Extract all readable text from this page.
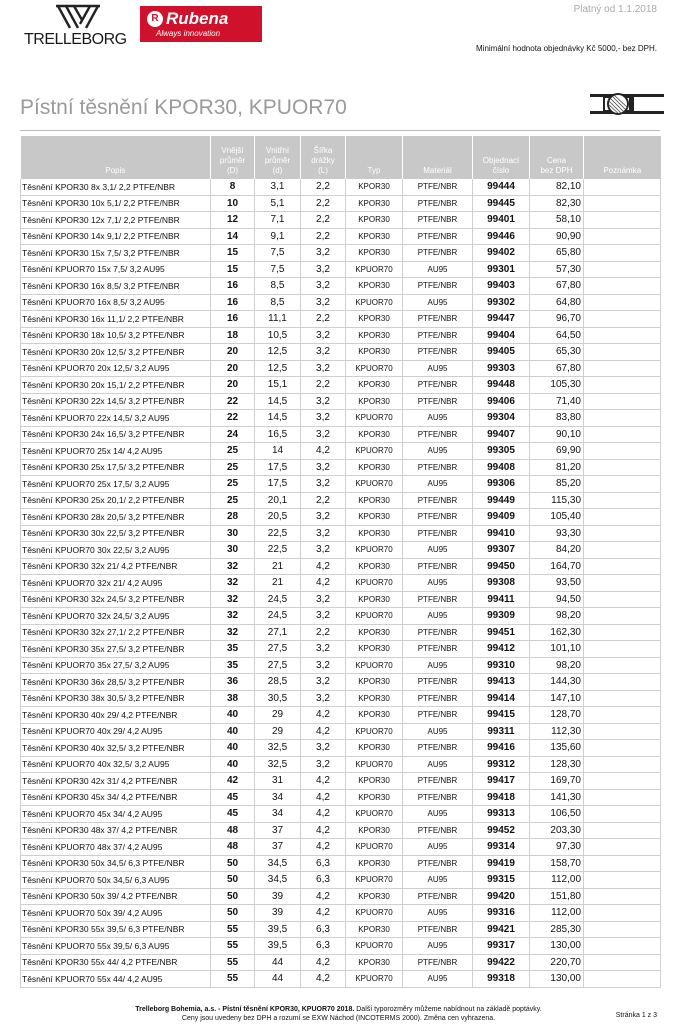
Platný od 1.1.2018
TRELLEBORG
R Rubena
Always innovation
Minimální hodnota objednávky Kč 5000,- bez DPH.
Pístní těsnění KPOR30, KPUOR70
Popis	Vnější
průměr
(D)	Vnitřní
průměr
(d)	Šířka
drážky
(L)	Typ	Materiál	Objednací
číslo	Cena
bez DPH	Poznámka
Těsnění KPOR30 8x 3,1/ 2,2 PTFE/NBR	8	3,1	2,2	KPOR30	PTFE/NBR	99444	82,10	
Těsnění KPOR30 10x 5,1/ 2,2 PTFE/NBR	10	5,1	2,2	KPOR30	PTFE/NBR	99445	82,30	
Těsnění KPOR30 12x 7,1/ 2,2 PTFE/NBR	12	7,1	2,2	KPOR30	PTFE/NBR	99401	58,10	
Těsnění KPOR30 14x 9,1/ 2,2 PTFE/NBR	14	9,1	2,2	KPOR30	PTFE/NBR	99446	90,90	
Těsnění KPOR30 15x 7,5/ 3,2 PTFE/NBR	15	7,5	3,2	KPOR30	PTFE/NBR	99402	65,80	
Těsnění KPUOR70 15x 7,5/ 3,2 AU95	15	7,5	3,2	KPUOR70	AU95	99301	57,30	
Těsnění KPOR30 16x 8,5/ 3,2 PTFE/NBR	16	8,5	3,2	KPOR30	PTFE/NBR	99403	67,80	
Těsnění KPUOR70 16x 8,5/ 3,2 AU95	16	8,5	3,2	KPUOR70	AU95	99302	64,80	
Těsnění KPOR30 16x 11,1/ 2,2 PTFE/NBR	16	11,1	2,2	KPOR30	PTFE/NBR	99447	96,70	
Těsnění KPOR30 18x 10,5/ 3,2 PTFE/NBR	18	10,5	3,2	KPOR30	PTFE/NBR	99404	64,50	
Těsnění KPOR30 20x 12,5/ 3,2 PTFE/NBR	20	12,5	3,2	KPOR30	PTFE/NBR	99405	65,30	
Těsnění KPUOR70 20x 12,5/ 3,2 AU95	20	12,5	3,2	KPUOR70	AU95	99303	67,80	
Těsnění KPOR30 20x 15,1/ 2,2 PTFE/NBR	20	15,1	2,2	KPOR30	PTFE/NBR	99448	105,30	
Těsnění KPOR30 22x 14,5/ 3,2 PTFE/NBR	22	14,5	3,2	KPOR30	PTFE/NBR	99406	71,40	
Těsnění KPUOR70 22x 14,5/ 3,2 AU95	22	14,5	3,2	KPUOR70	AU95	99304	83,80	
Těsnění KPOR30 24x 16,5/ 3,2 PTFE/NBR	24	16,5	3,2	KPOR30	PTFE/NBR	99407	90,10	
Těsnění KPUOR70 25x 14/ 4,2 AU95	25	14	4,2	KPUOR70	AU95	99305	69,90	
Těsnění KPOR30 25x 17,5/ 3,2 PTFE/NBR	25	17,5	3,2	KPOR30	PTFE/NBR	99408	81,20	
Těsnění KPUOR70 25x 17,5/ 3,2 AU95	25	17,5	3,2	KPUOR70	AU95	99306	85,20	
Těsnění KPOR30 25x 20,1/ 2,2 PTFE/NBR	25	20,1	2,2	KPOR30	PTFE/NBR	99449	115,30	
Těsnění KPOR30 28x 20,5/ 3,2 PTFE/NBR	28	20,5	3,2	KPOR30	PTFE/NBR	99409	105,40	
Těsnění KPOR30 30x 22,5/ 3,2 PTFE/NBR	30	22,5	3,2	KPOR30	PTFE/NBR	99410	93,30	
Těsnění KPUOR70 30x 22,5/ 3,2 AU95	30	22,5	3,2	KPUOR70	AU95	99307	84,20	
Těsnění KPOR30 32x 21/ 4,2 PTFE/NBR	32	21	4,2	KPOR30	PTFE/NBR	99450	164,70	
Těsnění KPUOR70 32x 21/ 4,2 AU95	32	21	4,2	KPUOR70	AU95	99308	93,50	
Těsnění KPOR30 32x 24,5/ 3,2 PTFE/NBR	32	24,5	3,2	KPOR30	PTFE/NBR	99411	94,50	
Těsnění KPUOR70 32x 24,5/ 3,2 AU95	32	24,5	3,2	KPUOR70	AU95	99309	98,20	
Těsnění KPOR30 32x 27,1/ 2,2 PTFE/NBR	32	27,1	2,2	KPOR30	PTFE/NBR	99451	162,30	
Těsnění KPOR30 35x 27,5/ 3,2 PTFE/NBR	35	27,5	3,2	KPOR30	PTFE/NBR	99412	101,10	
Těsnění KPUOR70 35x 27,5/ 3,2 AU95	35	27,5	3,2	KPUOR70	AU95	99310	98,20	
Těsnění KPOR30 36x 28,5/ 3,2 PTFE/NBR	36	28,5	3,2	KPOR30	PTFE/NBR	99413	144,30	
Těsnění KPOR30 38x 30,5/ 3,2 PTFE/NBR	38	30,5	3,2	KPOR30	PTFE/NBR	99414	147,10	
Těsnění KPOR30 40x 29/ 4,2 PTFE/NBR	40	29	4,2	KPOR30	PTFE/NBR	99415	128,70	
Těsnění KPUOR70 40x 29/ 4,2 AU95	40	29	4,2	KPUOR70	AU95	99311	112,30	
Těsnění KPOR30 40x 32,5/ 3,2 PTFE/NBR	40	32,5	3,2	KPOR30	PTFE/NBR	99416	135,60	
Těsnění KPUOR70 40x 32,5/ 3,2 AU95	40	32,5	3,2	KPUOR70	AU95	99312	128,30	
Těsnění KPOR30 42x 31/ 4,2 PTFE/NBR	42	31	4,2	KPOR30	PTFE/NBR	99417	169,70	
Těsnění KPOR30 45x 34/ 4,2 PTFE/NBR	45	34	4,2	KPOR30	PTFE/NBR	99418	141,30	
Těsnění KPUOR70 45x 34/ 4,2 AU95	45	34	4,2	KPUOR70	AU95	99313	106,50	
Těsnění KPOR30 48x 37/ 4,2 PTFE/NBR	48	37	4,2	KPOR30	PTFE/NBR	99452	203,30	
Těsnění KPUOR70 48x 37/ 4,2 AU95	48	37	4,2	KPUOR70	AU95	99314	97,30	
Těsnění KPOR30 50x 34,5/ 6,3 PTFE/NBR	50	34,5	6,3	KPOR30	PTFE/NBR	99419	158,70	
Těsnění KPUOR70 50x 34,5/ 6,3 AU95	50	34,5	6,3	KPUOR70	AU95	99315	112,00	
Těsnění KPOR30 50x 39/ 4,2 PTFE/NBR	50	39	4,2	KPOR30	PTFE/NBR	99420	151,80	
Těsnění KPUOR70 50x 39/ 4,2 AU95	50	39	4,2	KPUOR70	AU95	99316	112,00	
Těsnění KPOR30 55x 39,5/ 6,3 PTFE/NBR	55	39,5	6,3	KPOR30	PTFE/NBR	99421	285,30	
Těsnění KPUOR70 55x 39,5/ 6,3 AU95	55	39,5	6,3	KPUOR70	AU95	99317	130,00	
Těsnění KPOR30 55x 44/ 4,2 PTFE/NBR	55	44	4,2	KPOR30	PTFE/NBR	99422	220,70	
Těsnění KPUOR70 55x 44/ 4,2 AU95	55	44	4,2	KPUOR70	AU95	99318	130,00	
Trelleborg Bohemia, a.s. - Pístní těsnění KPOR30, KPUOR70 2018. Další typorozměry můžeme nabídnout na základě poptávky.
Ceny jsou uvedeny bez DPH a rozumí se EXW Náchod (INCOTERMS 2000). Změna cen vyhrazena.	Stránka 1 z 3
